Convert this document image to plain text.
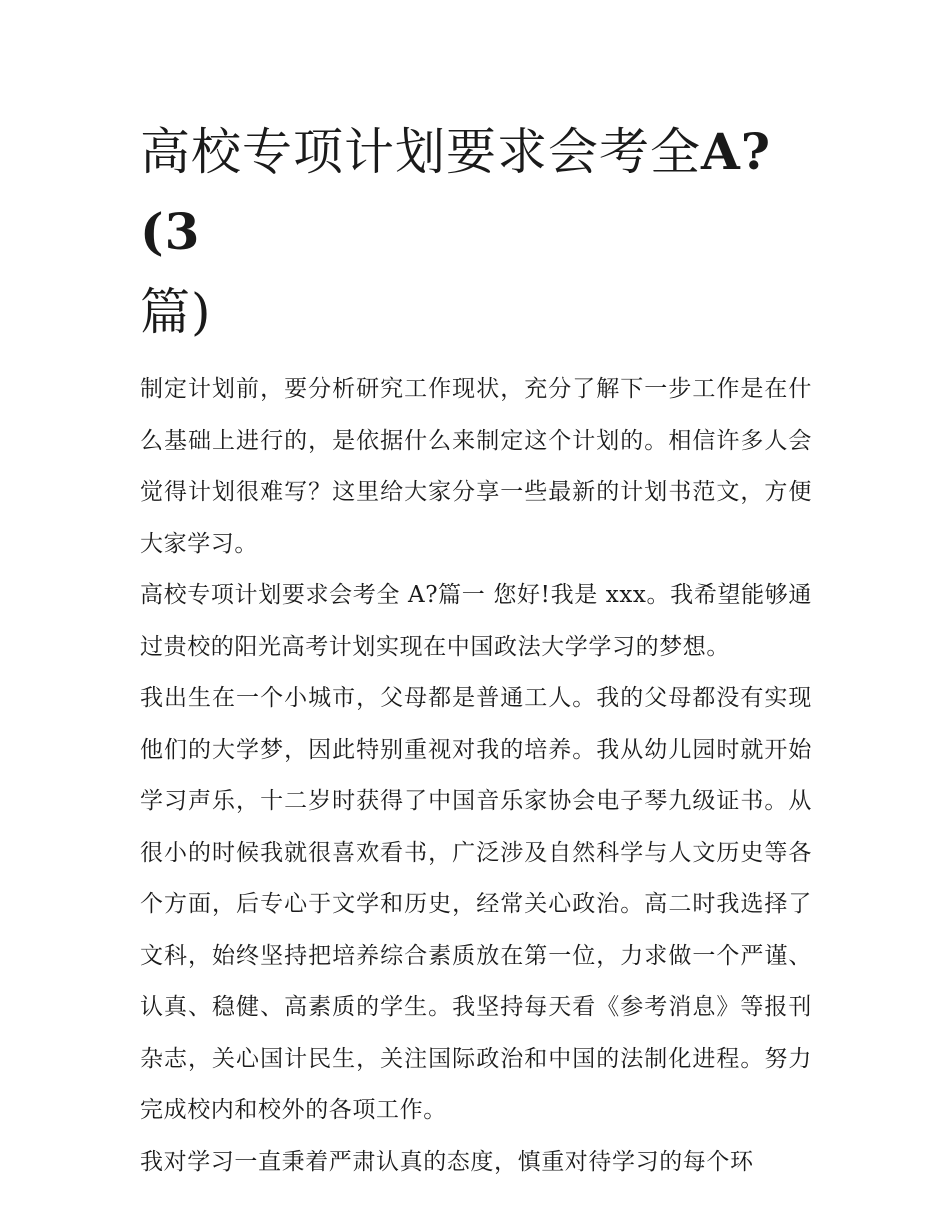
高校专项计划要求会考全A?(3
篇)

制定计划前，要分析研究工作现状，充分了解下一步工作是在什么基础上进行的，是依据什么来制定这个计划的。相信许多人会觉得计划很难写？这里给大家分享一些最新的计划书范文，方便大家学习。

高校专项计划要求会考全 A?篇一 您好!我是 xxx。我希望能够通过贵校的阳光高考计划实现在中国政法大学学习的梦想。

我出生在一个小城市，父母都是普通工人。我的父母都没有实现他们的大学梦，因此特别重视对我的培养。我从幼儿园时就开始学习声乐，十二岁时获得了中国音乐家协会电子琴九级证书。从很小的时候我就很喜欢看书，广泛涉及自然科学与人文历史等各个方面，后专心于文学和历史，经常关心政治。高二时我选择了文科，始终坚持把培养综合素质放在第一位，力求做一个严谨、认真、稳健、高素质的学生。我坚持每天看《参考消息》等报刊杂志，关心国计民生，关注国际政治和中国的法制化进程。努力完成校内和校外的各项工作。

我对学习一直秉着严肃认真的态度，慎重对待学习的每个环
